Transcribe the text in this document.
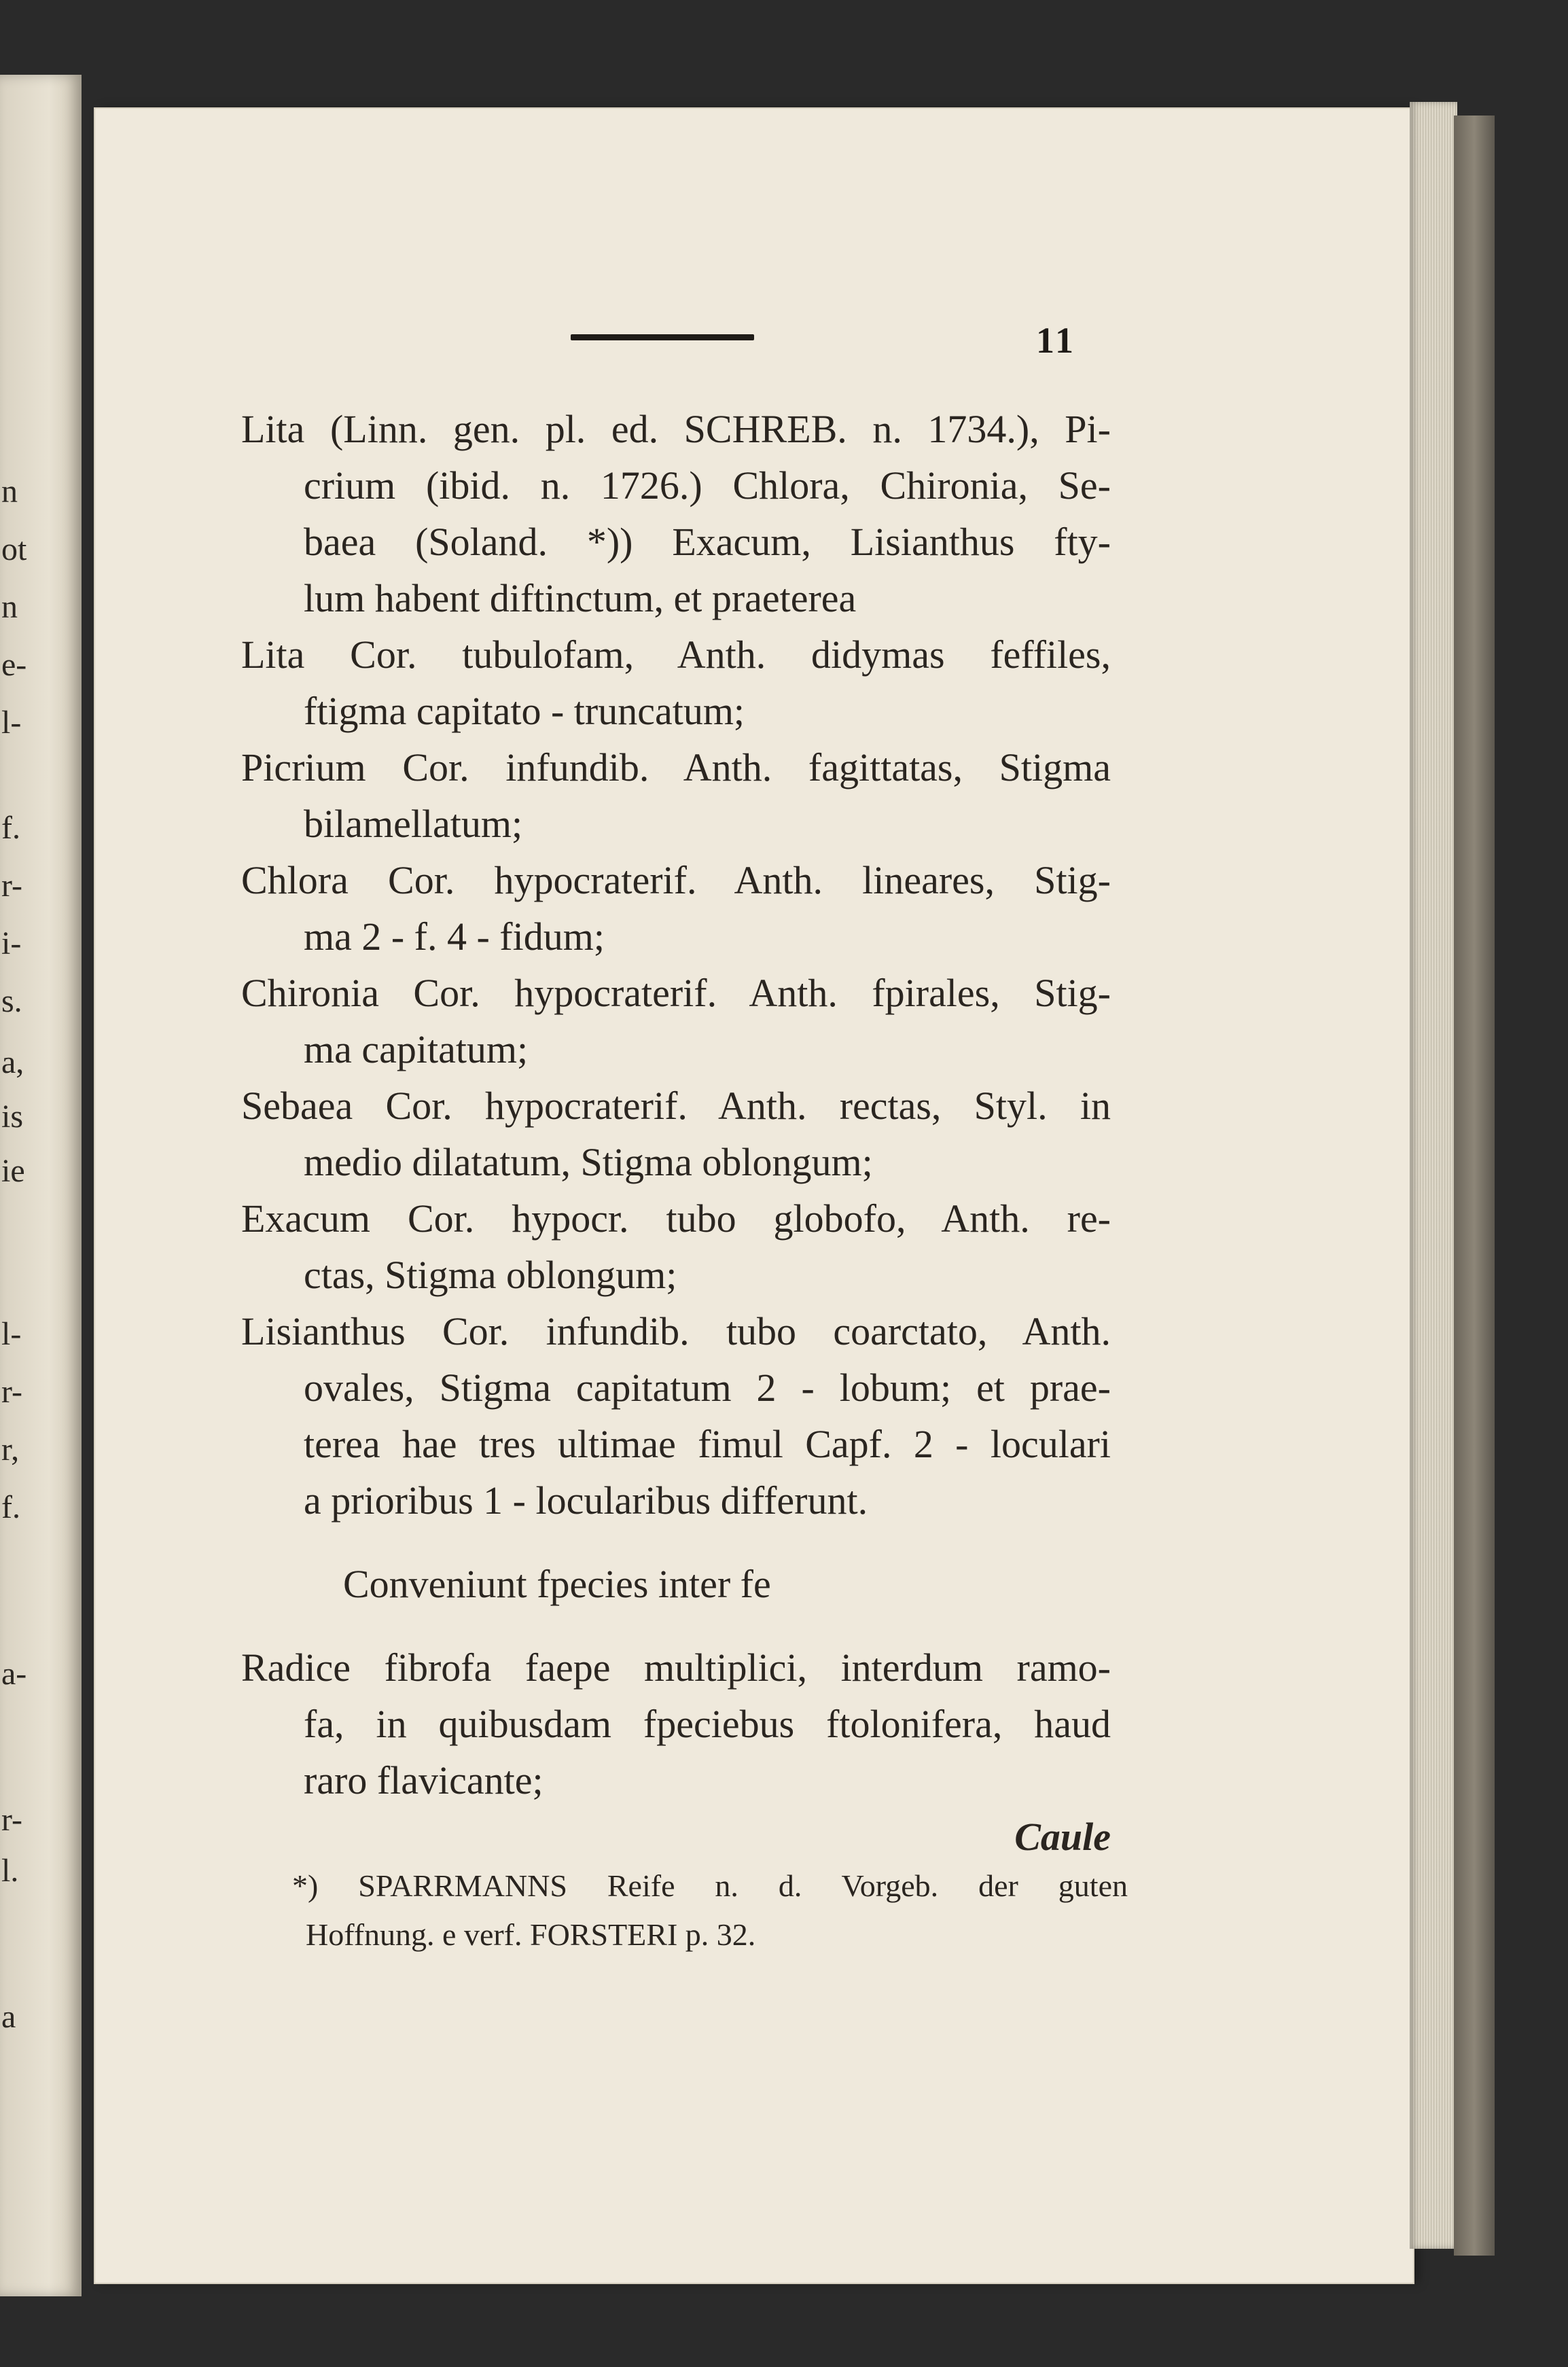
n
ot
n
e-
l-
f.
r-
i-
s.
a,
is
ie
l-
r-
r,
f.
a-
r-
l.
a
11
Lita (Linn. gen. pl. ed. SCHREB. n. 1734.), Pi-
crium (ibid. n. 1726.) Chlora, Chironia, Se-
baea (Soland. *)) Exacum, Lisianthus fty-
lum habent diftinctum, et praeterea
Lita Cor. tubulofam, Anth. didymas feffiles,
ftigma capitato - truncatum;
Picrium Cor. infundib. Anth. fagittatas, Stigma
bilamellatum;
Chlora Cor. hypocraterif. Anth. lineares, Stig-
ma 2 - f. 4 - fidum;
Chironia Cor. hypocraterif. Anth. fpirales, Stig-
ma capitatum;
Sebaea Cor. hypocraterif. Anth. rectas, Styl. in
medio dilatatum, Stigma oblongum;
Exacum Cor. hypocr. tubo globofo, Anth. re-
ctas, Stigma oblongum;
Lisianthus Cor. infundib. tubo coarctato, Anth.
ovales, Stigma capitatum 2 - lobum; et prae-
terea hae tres ultimae fimul Capf. 2 - loculari
a prioribus 1 - locularibus differunt.
Conveniunt fpecies inter fe
Radice fibrofa faepe multiplici, interdum ramo-
fa, in quibusdam fpeciebus ftolonifera, haud
raro flavicante;
Caule
*) SPARRMANNS Reife n. d. Vorgeb. der guten
Hoffnung. e verf. FORSTERI p. 32.
